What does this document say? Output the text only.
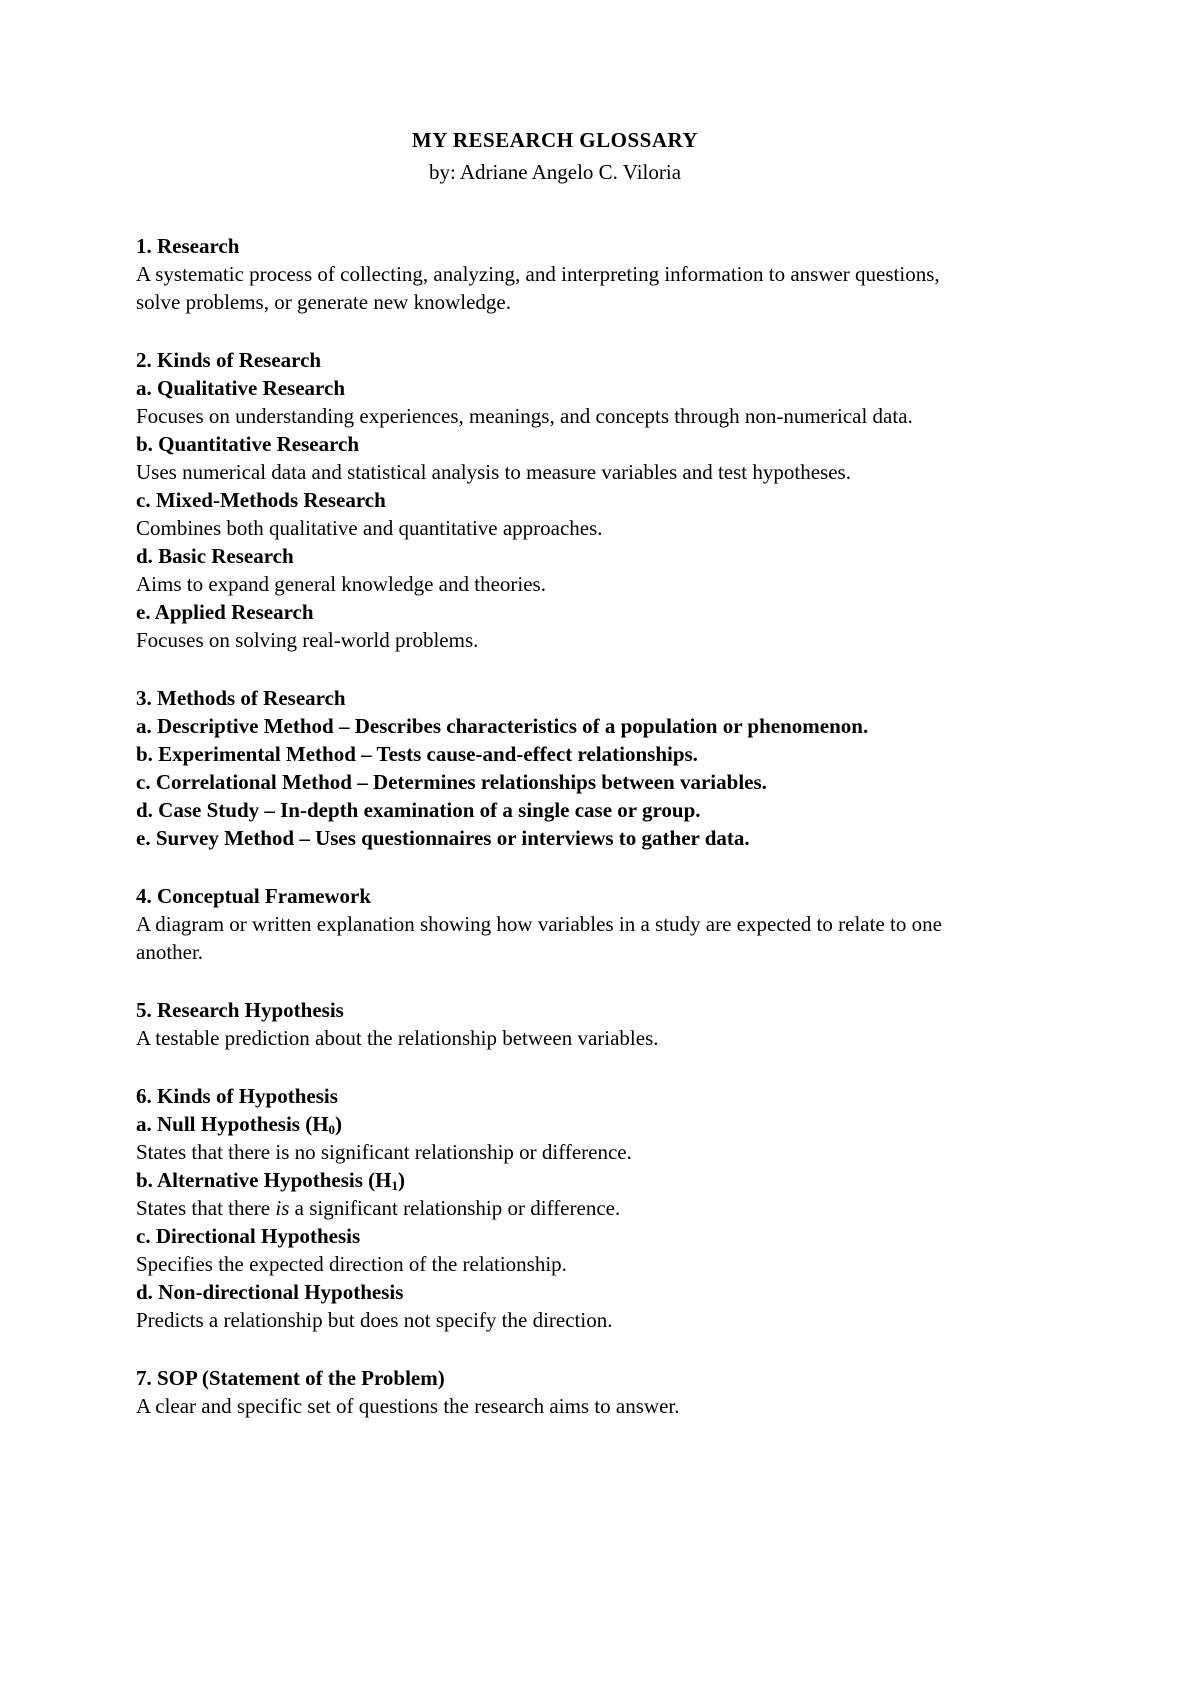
MY RESEARCH GLOSSARY

by: Adriane Angelo C. Viloria

1. Research

A systematic process of collecting, analyzing, and interpreting information to answer questions, solve problems, or generate new knowledge.

2. Kinds of Research

a. Qualitative Research

Focuses on understanding experiences, meanings, and concepts through non-numerical data.

b. Quantitative Research

Uses numerical data and statistical analysis to measure variables and test hypotheses.

c. Mixed-Methods Research

Combines both qualitative and quantitative approaches.

d. Basic Research

Aims to expand general knowledge and theories.

e. Applied Research

Focuses on solving real-world problems.

3. Methods of Research

a. Descriptive Method – Describes characteristics of a population or phenomenon.

b. Experimental Method – Tests cause-and-effect relationships.

c. Correlational Method – Determines relationships between variables.

d. Case Study – In-depth examination of a single case or group.

e. Survey Method – Uses questionnaires or interviews to gather data.

4. Conceptual Framework

A diagram or written explanation showing how variables in a study are expected to relate to one another.

5. Research Hypothesis

A testable prediction about the relationship between variables.

6. Kinds of Hypothesis

a. Null Hypothesis $(H_0)$

States that there is no significant relationship or difference.

b. Alternative Hypothesis $(H_1)$

States that there is a significant relationship or difference.

c. Directional Hypothesis

Specifies the expected direction of the relationship.

d. Non-directional Hypothesis

Predicts a relationship but does not specify the direction.

7. SOP (Statement of the Problem)

A clear and specific set of questions the research aims to answer.
